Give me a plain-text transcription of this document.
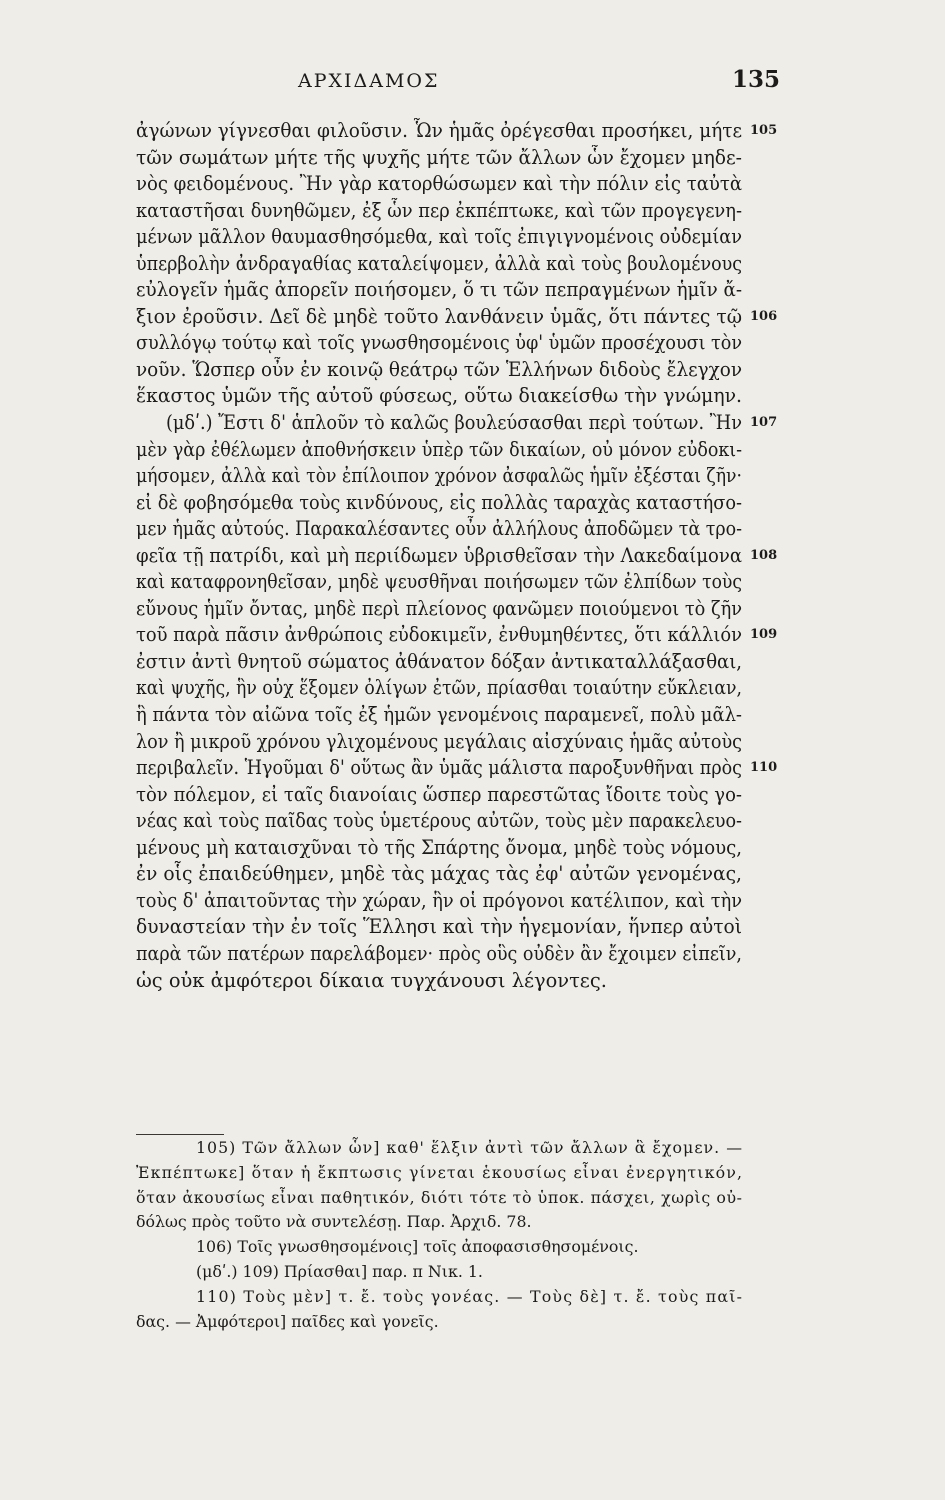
ΑΡΧΙΔΑΜΟΣ	135
ἀγώνων γίγνεσθαι φιλοῦσιν. Ὧν ἡμᾶς ὀρέγεσθαι προσήκει, μήτε 105
τῶν σωμάτων μήτε τῆς ψυχῆς μήτε τῶν ἄλλων ὧν ἔχομεν μηδε-
νὸς φειδομένους. Ἢν γὰρ κατορθώσωμεν καὶ τὴν πόλιν εἰς ταὐτὰ
καταστῆσαι δυνηθῶμεν, ἐξ ὧν περ ἐκπέπτωκε, καὶ τῶν προγεγενη-
μένων μᾶλλον θαυμασθησόμεθα, καὶ τοῖς ἐπιγιγνομένοις οὐδεμίαν
ὑπερβολὴν ἀνδραγαθίας καταλείψομεν, ἀλλὰ καὶ τοὺς βουλομένους
εὐλογεῖν ἡμᾶς ἀπορεῖν ποιήσομεν, ὅ τι τῶν πεπραγμένων ἡμῖν ἄ-
ξιον ἐροῦσιν. Δεῖ δὲ μηδὲ τοῦτο λανθάνειν ὑμᾶς, ὅτι πάντες τῷ 106
συλλόγῳ τούτῳ καὶ τοῖς γνωσθησομένοις ὑφ' ὑμῶν προσέχουσι τὸν
νοῦν. Ὥσπερ οὖν ἐν κοινῷ θεάτρῳ τῶν Ἑλλήνων διδοὺς ἔλεγχον
ἕκαστος ὑμῶν τῆς αὐτοῦ φύσεως, οὕτω διακείσθω τὴν γνώμην.
(μδʹ.) Ἔστι δ' ἁπλοῦν τὸ καλῶς βουλεύσασθαι περὶ τούτων. Ἢν 107
μὲν γὰρ ἐθέλωμεν ἀποθνήσκειν ὑπὲρ τῶν δικαίων, οὐ μόνον εὐδοκι-
μήσομεν, ἀλλὰ καὶ τὸν ἐπίλοιπον χρόνον ἀσφαλῶς ἡμῖν ἐξέσται ζῆν·
εἰ δὲ φοβησόμεθα τοὺς κινδύνους, εἰς πολλὰς ταραχὰς καταστήσο-
μεν ἡμᾶς αὐτούς. Παρακαλέσαντες οὖν ἀλλήλους ἀποδῶμεν τὰ τρο-
φεῖα τῇ πατρίδι, καὶ μὴ περιίδωμεν ὑβρισθεῖσαν τὴν Λακεδαίμονα 108
καὶ καταφρονηθεῖσαν, μηδὲ ψευσθῆναι ποιήσωμεν τῶν ἐλπίδων τοὺς
εὔνους ἡμῖν ὄντας, μηδὲ περὶ πλείονος φανῶμεν ποιούμενοι τὸ ζῆν
τοῦ παρὰ πᾶσιν ἀνθρώποις εὐδοκιμεῖν, ἐνθυμηθέντες, ὅτι κάλλιόν 109
ἐστιν ἀντὶ θνητοῦ σώματος ἀθάνατον δόξαν ἀντικαταλλάξασθαι,
καὶ ψυχῆς, ἣν οὐχ ἕξομεν ὀλίγων ἐτῶν, πρίασθαι τοιαύτην εὔκλειαν,
ἣ πάντα τὸν αἰῶνα τοῖς ἐξ ἡμῶν γενομένοις παραμενεῖ, πολὺ μᾶλ-
λον ἢ μικροῦ χρόνου γλιχομένους μεγάλαις αἰσχύναις ἡμᾶς αὐτοὺς
περιβαλεῖν. Ἡγοῦμαι δ' οὕτως ἂν ὑμᾶς μάλιστα παροξυνθῆναι πρὸς 110
τὸν πόλεμον, εἰ ταῖς διανοίαις ὥσπερ παρεστῶτας ἴδοιτε τοὺς γο-
νέας καὶ τοὺς παῖδας τοὺς ὑμετέρους αὐτῶν, τοὺς μὲν παρακελευο-
μένους μὴ καταισχῦναι τὸ τῆς Σπάρτης ὄνομα, μηδὲ τοὺς νόμους,
ἐν οἷς ἐπαιδεύθημεν, μηδὲ τὰς μάχας τὰς ἐφ' αὐτῶν γενομένας,
τοὺς δ' ἀπαιτοῦντας τὴν χώραν, ἣν οἱ πρόγονοι κατέλιπον, καὶ τὴν
δυναστείαν τὴν ἐν τοῖς Ἕλλησι καὶ τὴν ἡγεμονίαν, ἥνπερ αὐτοὶ
παρὰ τῶν πατέρων παρελάβομεν· πρὸς οὓς οὐδὲν ἂν ἔχοιμεν εἰπεῖν,
ὡς οὐκ ἀμφότεροι δίκαια τυγχάνουσι λέγοντες.
105) Τῶν ἄλλων ὧν] καθ' ἕλξιν ἀντὶ τῶν ἄλλων ἃ ἔχομεν. —
Ἐκπέπτωκε] ὅταν ἡ ἔκπτωσις γίνεται ἑκουσίως εἶναι ἐνεργητικόν,
ὅταν ἀκουσίως εἶναι παθητικόν, διότι τότε τὸ ὑποκ. πάσχει, χωρὶς οὐ-
δόλως πρὸς τοῦτο νὰ συντελέσῃ. Παρ. Ἀρχιδ. 78.
106) Τοῖς γνωσθησομένοις] τοῖς ἀποφασισθησομένοις.
(μδʹ.) 109) Πρίασθαι] παρ. π Νικ. 1.
110) Τοὺς μὲν] τ. ἔ. τοὺς γονέας. — Τοὺς δὲ] τ. ἔ. τοὺς παῖ-
δας. — Ἀμφότεροι] παῖδες καὶ γονεῖς.
